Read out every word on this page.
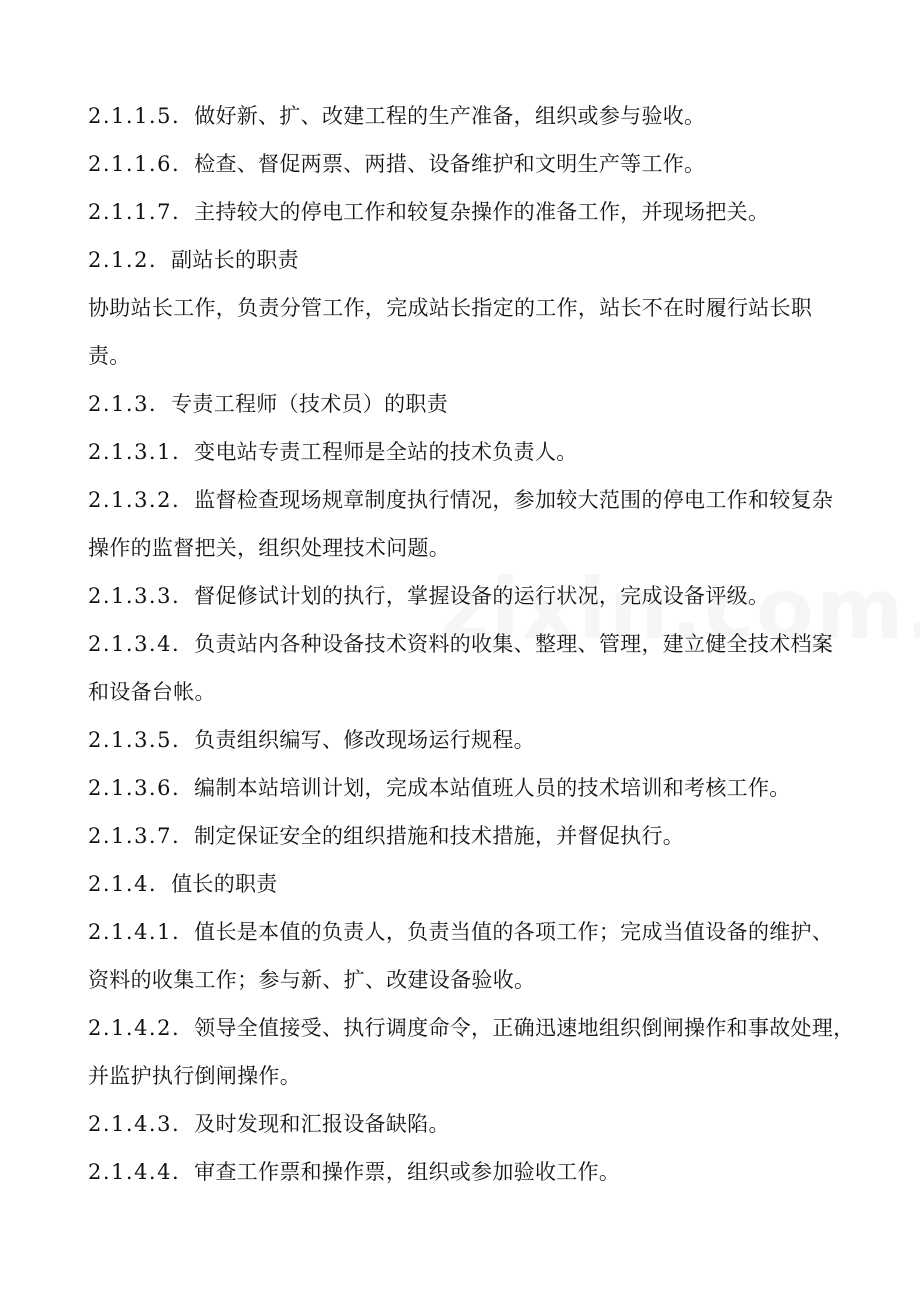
2.1.1.5. 做好新、扩、改建工程的生产准备，组织或参与验收。
2.1.1.6. 检查、督促两票、两措、设备维护和文明生产等工作。
2.1.1.7. 主持较大的停电工作和较复杂操作的准备工作，并现场把关。
2.1.2. 副站长的职责
协助站长工作，负责分管工作，完成站长指定的工作，站长不在时履行站长职
责。
2.1.3. 专责工程师（技术员）的职责
2.1.3.1. 变电站专责工程师是全站的技术负责人。
2.1.3.2. 监督检查现场规章制度执行情况，参加较大范围的停电工作和较复杂
操作的监督把关，组织处理技术问题。
2.1.3.3. 督促修试计划的执行，掌握设备的运行状况，完成设备评级。
2.1.3.4. 负责站内各种设备技术资料的收集、整理、管理，建立健全技术档案
和设备台帐。
2.1.3.5. 负责组织编写、修改现场运行规程。
2.1.3.6. 编制本站培训计划，完成本站值班人员的技术培训和考核工作。
2.1.3.7. 制定保证安全的组织措施和技术措施，并督促执行。
2.1.4. 值长的职责
2.1.4.1. 值长是本值的负责人，负责当值的各项工作；完成当值设备的维护、
资料的收集工作；参与新、扩、改建设备验收。
2.1.4.2. 领导全值接受、执行调度命令，正确迅速地组织倒闸操作和事故处理，
并监护执行倒闸操作。
2.1.4.3. 及时发现和汇报设备缺陷。
2.1.4.4. 审查工作票和操作票，组织或参加验收工作。
